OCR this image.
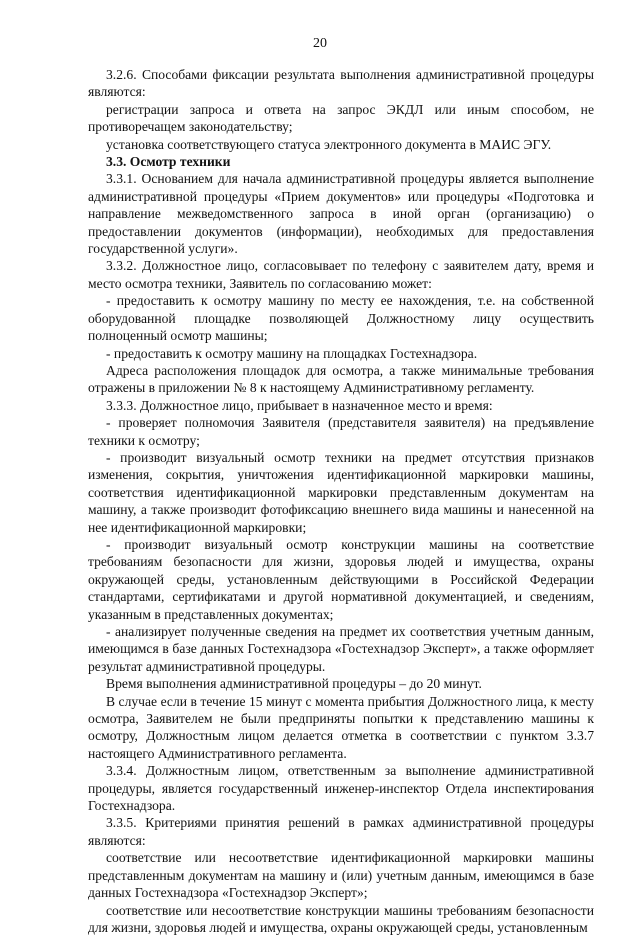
20

3.2.6. Способами фиксации результата выполнения административной процедуры являются:

регистрации запроса и ответа на запрос ЭКДЛ или иным способом, не противоречащем законодательству;

установка соответствующего статуса электронного документа в МАИС ЭГУ.

3.3. Осмотр техники

3.3.1. Основанием для начала административной процедуры является выполнение административной процедуры «Прием документов» или процедуры «Подготовка и направление межведомственного запроса в иной орган (организацию) о предоставлении документов (информации), необходимых для предоставления государственной услуги».

3.3.2. Должностное лицо, согласовывает по телефону с заявителем дату, время и место осмотра техники, Заявитель по согласованию может:

- предоставить к осмотру машину по месту ее нахождения, т.е. на собственной оборудованной площадке позволяющей Должностному лицу осуществить полноценный осмотр машины;

- предоставить к осмотру машину на площадках Гостехнадзора.

Адреса расположения площадок для осмотра, а также минимальные требования отражены в приложении № 8 к настоящему Административному регламенту.

3.3.3. Должностное лицо, прибывает в назначенное место и время:

- проверяет полномочия Заявителя (представителя заявителя) на предъявление техники к осмотру;

- производит визуальный осмотр техники на предмет отсутствия признаков изменения, сокрытия, уничтожения идентификационной маркировки машины, соответствия идентификационной маркировки представленным документам на машину, а также производит фотофиксацию внешнего вида машины и нанесенной на нее идентификационной маркировки;

- производит визуальный осмотр конструкции машины на соответствие требованиям безопасности для жизни, здоровья людей и имущества, охраны окружающей среды, установленным действующими в Российской Федерации стандартами, сертификатами и другой нормативной документацией, и сведениям, указанным в представленных документах;

- анализирует полученные сведения на предмет их соответствия учетным данным, имеющимся в базе данных Гостехнадзора «Гостехнадзор Эксперт», а также оформляет результат административной процедуры.

Время выполнения административной процедуры – до 20 минут.

В случае если в течение 15 минут с момента прибытия Должностного лица, к месту осмотра, Заявителем не были предприняты попытки к представлению машины к осмотру, Должностным лицом делается отметка в соответствии с пунктом 3.3.7 настоящего Административного регламента.

3.3.4. Должностным лицом, ответственным за выполнение административной процедуры, является государственный инженер-инспектор Отдела инспектирования Гостехнадзора.

3.3.5. Критериями принятия решений в рамках административной процедуры являются:

соответствие или несоответствие идентификационной маркировки машины представленным документам на машину и (или) учетным данным, имеющимся в базе данных Гостехнадзора «Гостехнадзор Эксперт»;

соответствие или несоответствие конструкции машины требованиям безопасности для жизни, здоровья людей и имущества, охраны окружающей среды, установленным
